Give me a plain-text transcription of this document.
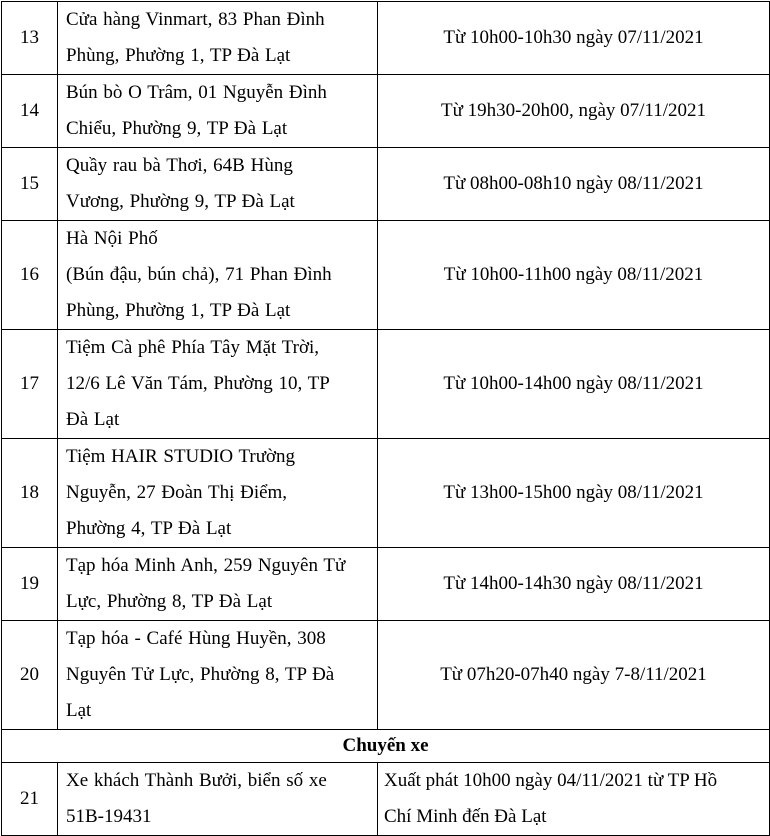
13	Cửa hàng Vinmart, 83 Phan Đình
Phùng, Phường 1, TP Đà Lạt	Từ 10h00-10h30 ngày 07/11/2021
14	Bún bò O Trâm, 01 Nguyễn Đình
Chiểu, Phường 9, TP Đà Lạt	Từ 19h30-20h00, ngày 07/11/2021
15	Quầy rau bà Thơi, 64B Hùng
Vương, Phường 9, TP Đà Lạt	Từ 08h00-08h10 ngày 08/11/2021
16	Hà Nội Phố
(Bún đậu, bún chả), 71 Phan Đình
Phùng, Phường 1, TP Đà Lạt	Từ 10h00-11h00 ngày 08/11/2021
17	Tiệm Cà phê Phía Tây Mặt Trời,
12/6 Lê Văn Tám, Phường 10, TP
Đà Lạt	Từ 10h00-14h00 ngày 08/11/2021
18	Tiệm HAIR STUDIO Trường
Nguyễn, 27 Đoàn Thị Điểm,
Phường 4, TP Đà Lạt	Từ 13h00-15h00 ngày 08/11/2021
19	Tạp hóa Minh Anh, 259 Nguyên Tử
Lực, Phường 8, TP Đà Lạt	Từ 14h00-14h30 ngày 08/11/2021
20	Tạp hóa - Café Hùng Huyền, 308
Nguyên Tử Lực, Phường 8, TP Đà
Lạt	Từ 07h20-07h40 ngày 7-8/11/2021
Chuyến xe		
21	Xe khách Thành Bưởi, biển số xe
51B-19431	Xuất phát 10h00 ngày 04/11/2021 từ TP Hồ
Chí Minh đến Đà Lạt
